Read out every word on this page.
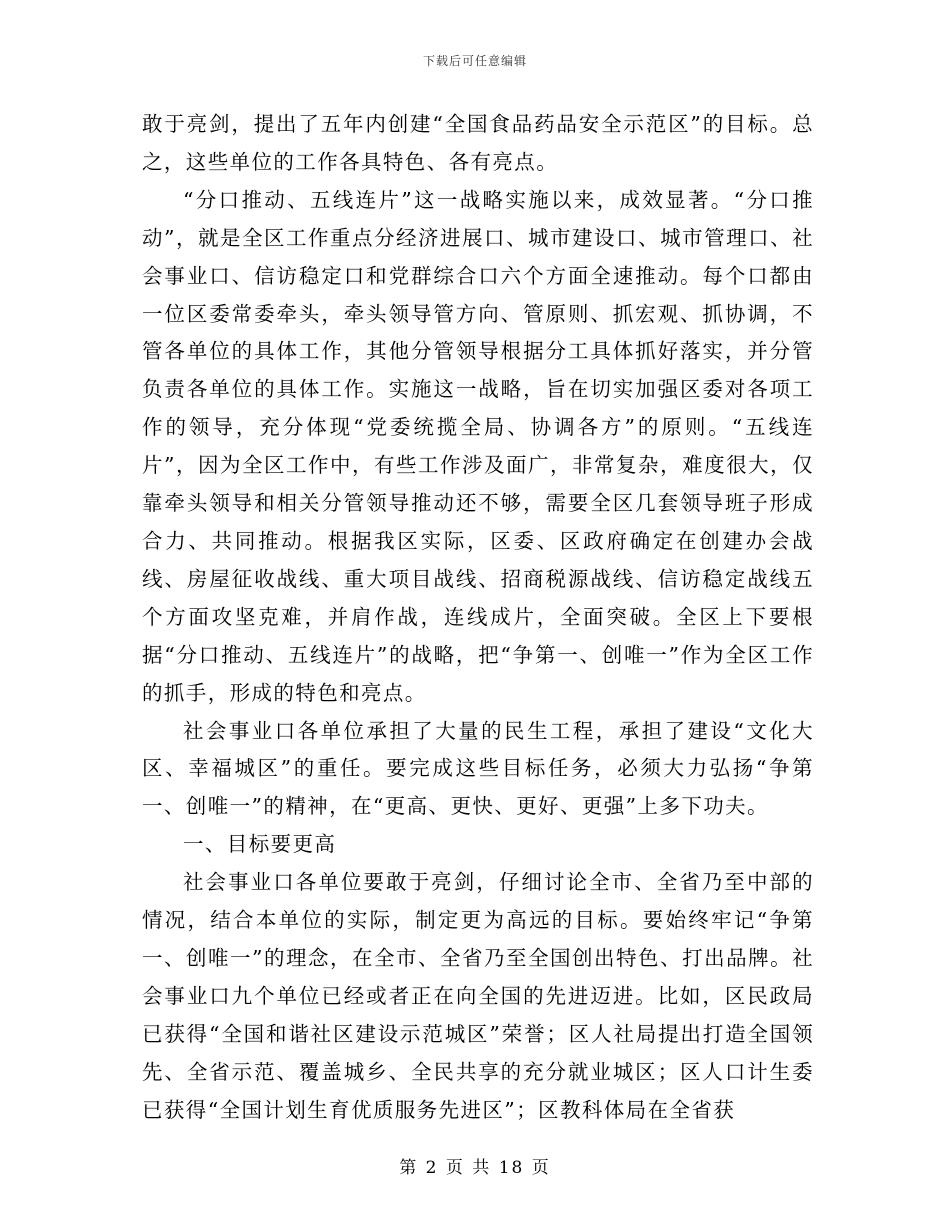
下载后可任意编辑

敢于亮剑，提出了五年内创建“全国食品药品安全示范区”的目标。总之，这些单位的工作各具特色、各有亮点。

“分口推动、五线连片”这一战略实施以来，成效显著。“分口推动”，就是全区工作重点分经济进展口、城市建设口、城市管理口、社会事业口、信访稳定口和党群综合口六个方面全速推动。每个口都由一位区委常委牵头，牵头领导管方向、管原则、抓宏观、抓协调，不管各单位的具体工作，其他分管领导根据分工具体抓好落实，并分管负责各单位的具体工作。实施这一战略，旨在切实加强区委对各项工作的领导，充分体现“党委统揽全局、协调各方”的原则。“五线连片”，因为全区工作中，有些工作涉及面广，非常复杂，难度很大，仅靠牵头领导和相关分管领导推动还不够，需要全区几套领导班子形成合力、共同推动。根据我区实际，区委、区政府确定在创建办会战线、房屋征收战线、重大项目战线、招商税源战线、信访稳定战线五个方面攻坚克难，并肩作战，连线成片，全面突破。全区上下要根据“分口推动、五线连片”的战略，把“争第一、创唯一”作为全区工作的抓手，形成的特色和亮点。

社会事业口各单位承担了大量的民生工程，承担了建设“文化大区、幸福城区”的重任。要完成这些目标任务，必须大力弘扬“争第一、创唯一”的精神，在“更高、更快、更好、更强”上多下功夫。

一、目标要更高

社会事业口各单位要敢于亮剑，仔细讨论全市、全省乃至中部的情况，结合本单位的实际，制定更为高远的目标。要始终牢记“争第一、创唯一”的理念，在全市、全省乃至全国创出特色、打出品牌。社会事业口九个单位已经或者正在向全国的先进迈进。比如，区民政局已获得“全国和谐社区建设示范城区”荣誉；区人社局提出打造全国领先、全省示范、覆盖城乡、全民共享的充分就业城区；区人口计生委已获得“全国计划生育优质服务先进区”；区教科体局在全省获

第 2 页 共 18 页
